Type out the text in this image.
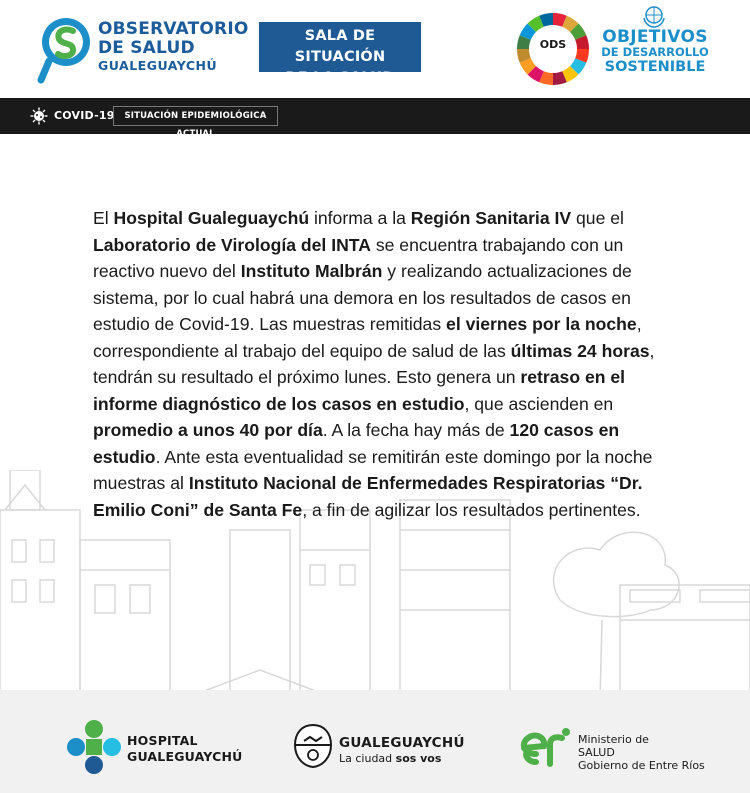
OBSERVATORIO
DE SALUD
GUALEGUAYCHÚ
SALA DE SITUACIÓN
DE LA SALUD
ODS	OBJETIVOS
DE DESARROLLO
SOSTENIBLE
COVID-19	SITUACIÓN EPIDEMIOLÓGICA

El Hospital Gualeguaychú informa a la Región Sanitaria IV que el Laboratorio de Virología del INTA se encuentra trabajando con un reactivo nuevo del Instituto Malbrán y realizando actualizaciones de sistema, por lo cual habrá una demora en los resultados de casos en estudio de Covid-19. Las muestras remitidas el viernes por la noche, correspondiente al trabajo del equipo de salud de las últimas 24 horas, tendrán su resultado el próximo lunes. Esto genera un retraso en el informe diagnóstico de los casos en estudio, que ascienden en promedio a unos 40 por día. A la fecha hay más de 120 casos en estudio. Ante esta eventualidad se remitirán este domingo por la noche muestras al Instituto Nacional de Enfermedades Respiratorias “Dr. Emilio Coni” de Santa Fe, a fin de agilizar los resultados pertinentes.

HOSPITAL
GUALEGUAYCHÚ
GUALEGUAYCHÚ
La ciudad sos vos
Ministerio de
SALUD
Gobierno de Entre Ríos
